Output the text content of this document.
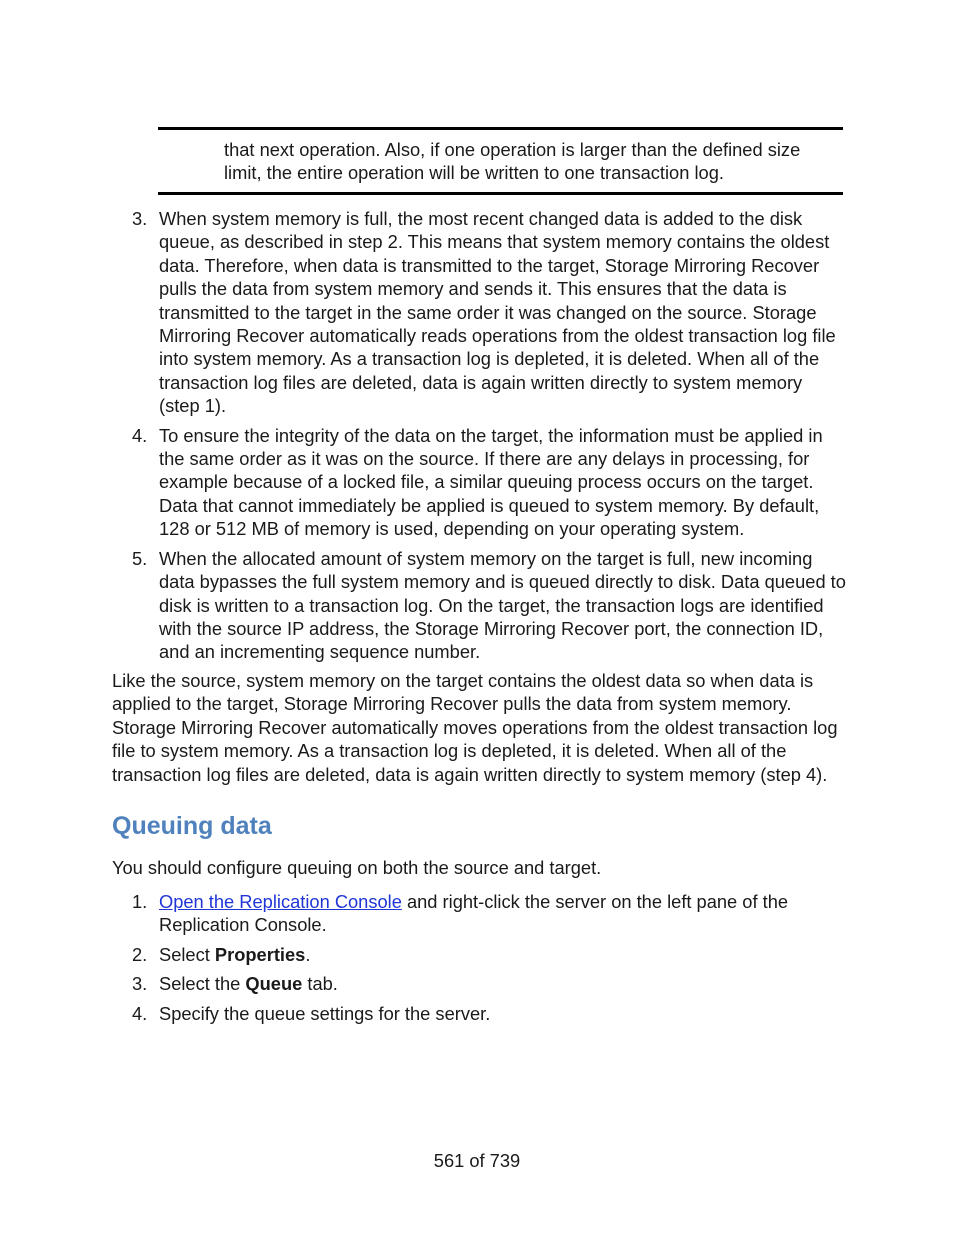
that next operation. Also, if one operation is larger than the defined size limit, the entire operation will be written to one transaction log.

3. When system memory is full, the most recent changed data is added to the disk queue, as described in step 2. This means that system memory contains the oldest data. Therefore, when data is transmitted to the target, Storage Mirroring Recover pulls the data from system memory and sends it. This ensures that the data is transmitted to the target in the same order it was changed on the source. Storage Mirroring Recover automatically reads operations from the oldest transaction log file into system memory. As a transaction log is depleted, it is deleted. When all of the transaction log files are deleted, data is again written directly to system memory (step 1).
4. To ensure the integrity of the data on the target, the information must be applied in the same order as it was on the source. If there are any delays in processing, for example because of a locked file, a similar queuing process occurs on the target. Data that cannot immediately be applied is queued to system memory. By default, 128 or 512 MB of memory is used, depending on your operating system.
5. When the allocated amount of system memory on the target is full, new incoming data bypasses the full system memory and is queued directly to disk. Data queued to disk is written to a transaction log. On the target, the transaction logs are identified with the source IP address, the Storage Mirroring Recover port, the connection ID, and an incrementing sequence number.

Like the source, system memory on the target contains the oldest data so when data is applied to the target, Storage Mirroring Recover pulls the data from system memory. Storage Mirroring Recover automatically moves operations from the oldest transaction log file to system memory. As a transaction log is depleted, it is deleted. When all of the transaction log files are deleted, data is again written directly to system memory (step 4).

Queuing data

You should configure queuing on both the source and target.

1. Open the Replication Console and right-click the server on the left pane of the Replication Console.
2. Select Properties.
3. Select the Queue tab.
4. Specify the queue settings for the server.

561 of 739
